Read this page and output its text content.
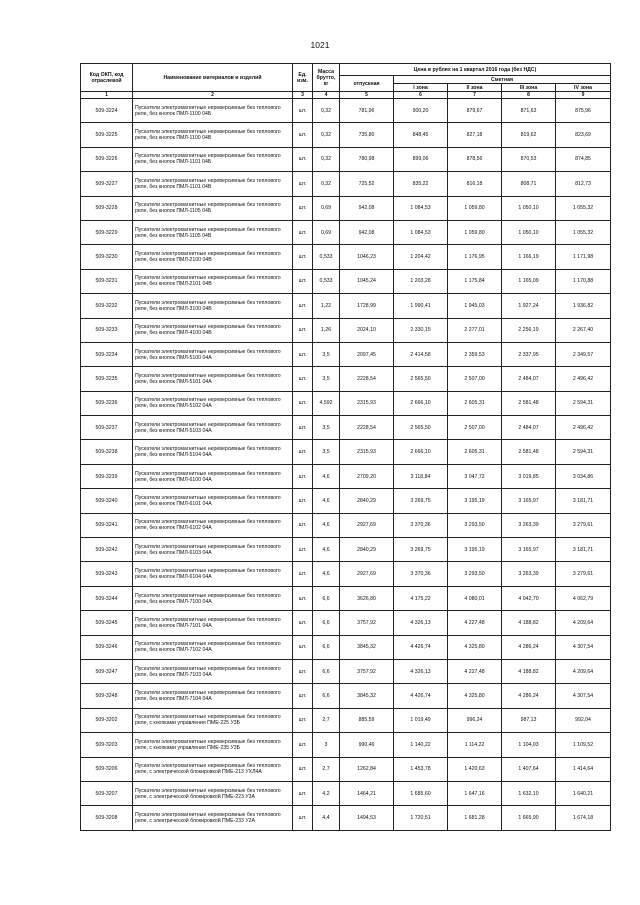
1021
Код ОКП, код отраслевой	Наименование материалов и изделий	Ед. изм.	Масса брутто, кг	Цена в рублях на 1 квартал 2016 года (без НДС)				
				отпускная	Сметная			
					I зона	II зона	III зона	IV зона
1	2	3	4	5	6	7	8	9
509-3224	Пускатели электромагнитные нереверсивные без теплового реле, без кнопок ПМЛ-1100 04Б	шт.	0,32	781,96	900,20	879,67	871,63	875,96
509-3225	Пускатели электромагнитные нереверсивные без теплового реле, без кнопок ПМЛ-1100 04В	шт.	0,32	735,80	848,45	827,18	819,62	823,69
509-3226	Пускатели электромагнитные нереверсивные без теплового реле, без кнопок ПМЛ-1101 04Б	шт.	0,32	780,98	899,06	878,56	870,53	874,85
509-3227	Пускатели электромагнитные нереверсивные без теплового реле, без кнопок ПМЛ-1101 04В	шт.	0,32	725,52	835,22	816,18	808,71	812,73
509-3228	Пускатели электромагнитные нереверсивные без теплового реле, без кнопок ПМЛ-1105 04Б	шт.	0,69	942,08	1 084,53	1 059,80	1 050,10	1 055,32
509-3229	Пускатели электромагнитные нереверсивные без теплового реле, без кнопок ПМЛ-1105 04В	шт.	0,69	942,08	1 084,53	1 059,80	1 050,10	1 055,32
509-3230	Пускатели электромагнитные нереверсивные без теплового реле, без кнопок ПМЛ-2100 04В	шт.	0,533	1046,23	1 204,42	1 176,95	1 166,19	1 171,98
509-3231	Пускатели электромагнитные нереверсивные без теплового реле, без кнопок ПМЛ-2101 04В	шт.	0,533	1045,24	1 203,28	1 175,84	1 165,09	1 170,88
509-3232	Пускатели электромагнитные нереверсивные без теплового реле, без кнопок ПМЛ-3100 04В	шт.	1,22	1728,99	1 990,41	1 945,03	1 927,24	1 936,82
509-3233	Пускатели электромагнитные нереверсивные без теплового реле, без кнопок ПМЛ-4100 04В	шт.	1,26	2024,10	2 330,15	2 277,01	2 256,19	2 267,40
509-3234	Пускатели электромагнитные нереверсивные без теплового реле, без кнопок ПМЛ-5100 04А	шт.	3,5	2097,45	2 414,58	2 359,53	2 337,95	2 349,57
509-3235	Пускатели электромагнитные нереверсивные без теплового реле, без кнопок ПМЛ-5101 04А	шт.	3,5	2228,54	2 565,50	2 507,00	2 484,07	2 496,42
509-3236	Пускатели электромагнитные нереверсивные без теплового реле, без кнопок ПМЛ-5102 04А	шт.	4,592	2315,93	2 666,10	2 605,31	2 581,48	2 594,31
509-3237	Пускатели электромагнитные нереверсивные без теплового реле, без кнопок ПМЛ-5103 04А	шт.	3,5	2228,54	2 565,50	2 507,00	2 484,07	2 496,42
509-3238	Пускатели электромагнитные нереверсивные без теплового реле, без кнопок ПМЛ-5104 04А	шт.	3,5	2315,93	2 666,10	2 605,31	2 581,48	2 594,31
509-3239	Пускатели электромагнитные нереверсивные без теплового реле, без кнопок ПМЛ-6100 04А	шт.	4,6	2709,20	3 118,84	3 047,72	3 019,85	3 034,86
509-3240	Пускатели электромагнитные нереверсивные без теплового реле, без кнопок ПМЛ-6101 04А	шт.	4,6	2840,29	3 269,75	3 195,19	3 165,97	3 181,71
509-3241	Пускатели электромагнитные нереверсивные без теплового реле, без кнопок ПМЛ-6102 04А	шт.	4,6	2927,69	3 370,36	3 293,50	3 263,39	3 279,61
509-3242	Пускатели электромагнитные нереверсивные без теплового реле, без кнопок ПМЛ-6103 04А	шт.	4,6	2840,29	3 269,75	3 195,19	3 165,97	3 181,71
509-3243	Пускатели электромагнитные нереверсивные без теплового реле, без кнопок ПМЛ-6104 04А	шт.	4,6	2927,69	3 370,36	3 293,50	3 263,39	3 279,61
509-3244	Пускатели электромагнитные нереверсивные без теплового реле, без кнопок ПМЛ-7100 04А	шт.	6,6	3626,80	4 175,22	4 080,01	4 042,70	4 062,79
509-3245	Пускатели электромагнитные нереверсивные без теплового реле, без кнопок ПМЛ-7101 04А	шт.	6,6	3757,92	4 326,13	4 227,48	4 188,82	4 209,64
509-3246	Пускатели электромагнитные нереверсивные без теплового реле, без кнопок ПМЛ-7102 04А	шт.	6,6	3845,32	4 426,74	4 325,80	4 286,24	4 307,54
509-3247	Пускатели электромагнитные нереверсивные без теплового реле, без кнопок ПМЛ-7103 04А	шт.	6,6	3757,92	4 326,13	4 227,48	4 188,82	4 209,64
509-3248	Пускатели электромагнитные нереверсивные без теплового реле, без кнопок ПМЛ-7104 04А	шт.	6,6	3845,32	4 426,74	4 325,80	4 286,24	4 307,54
509-3202	Пускатели электромагнитные нереверсивные без теплового реле, с кнопками управления ПМЕ-225 У3Б	шт.	2,7	885,59	1 019,49	996,24	987,13	992,04
509-3203	Пускатели электромагнитные нереверсивные без теплового реле, с кнопками управления ПМЕ-235 У3Б	шт.	3	990,46	1 140,22	1 114,22	1 104,03	1 109,52
509-3206	Пускатели электромагнитные нереверсивные без теплового реле, с электрической блокировкой ПМЕ-213 УХЛ4А	шт.	2,7	1262,84	1 453,78	1 420,63	1 407,64	1 414,64
509-3207	Пускатели электромагнитные нереверсивные без теплового реле, с электрической блокировкой ПМЕ-223 У3А	шт.	4,2	1464,21	1 685,60	1 647,16	1 632,10	1 640,21
509-3208	Пускатели электромагнитные нереверсивные без теплового реле, с электрической блокировкой ПМЕ-233 У2А	шт.	4,4	1494,53	1 720,51	1 681,28	1 665,90	1 674,18
